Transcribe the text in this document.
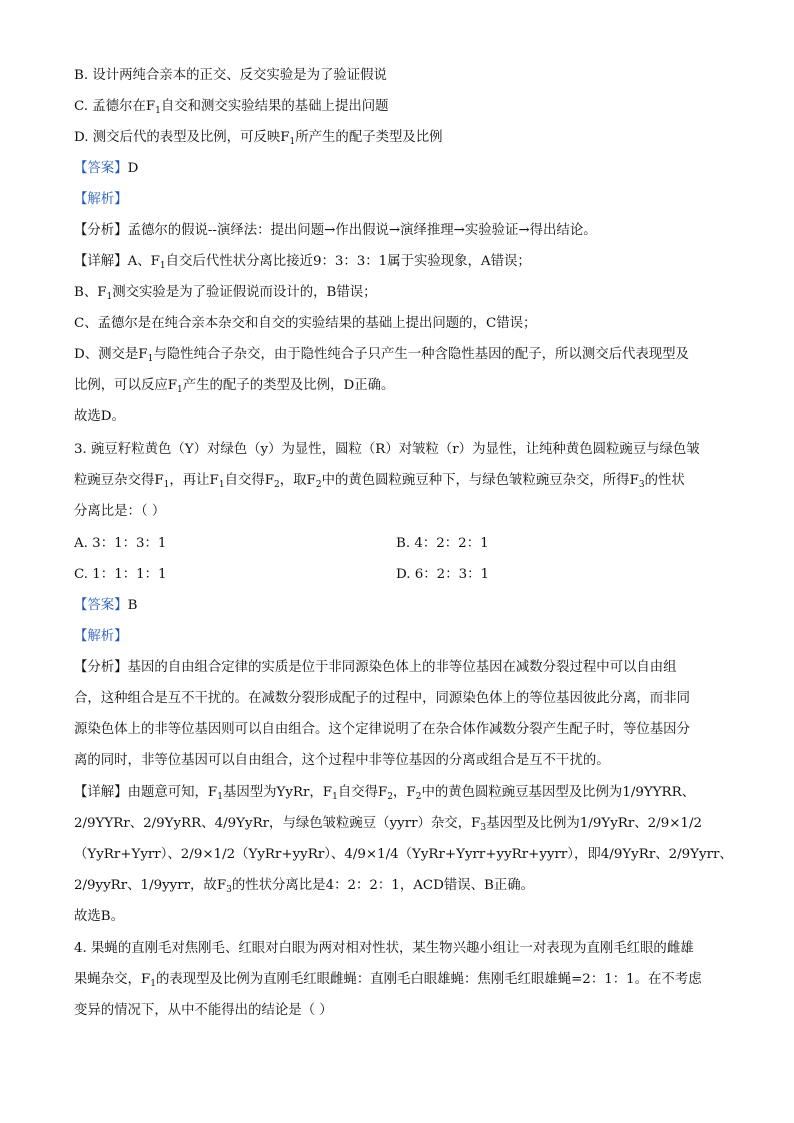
B. 设计两纯合亲本的正交、反交实验是为了验证假说
C. 孟德尔在$F_1$自交和测交实验结果的基础上提出问题
D. 测交后代的表型及比例，可反映$F_1$所产生的配子类型及比例
【答案】D
【解析】
【分析】孟德尔的假说--演绎法：提出问题→作出假说→演绎推理→实验验证→得出结论。
【详解】A、$F_1$自交后代性状分离比接近9：3：3：1属于实验现象，A错误；
B、$F_1$测交实验是为了验证假说而设计的，B错误；
C、孟德尔是在纯合亲本杂交和自交的实验结果的基础上提出问题的，C错误；
D、测交是$F_1$与隐性纯合子杂交，由于隐性纯合子只产生一种含隐性基因的配子，所以测交后代表现型及
比例，可以反应$F_1$产生的配子的类型及比例，D正确。
故选D。
3. 豌豆籽粒黄色（Y）对绿色（y）为显性，圆粒（R）对皱粒（r）为显性，让纯种黄色圆粒豌豆与绿色皱
粒豌豆杂交得$F_1$，再让$F_1$自交得$F_2$，取$F_2$中的黄色圆粒豌豆种下，与绿色皱粒豌豆杂交，所得$F_3$的性状
分离比是：（ ）
A. 3：1：3：1	B. 4：2：2：1
C. 1：1：1：1	D. 6：2：3：1
【答案】B
【解析】
【分析】基因的自由组合定律的实质是位于非同源染色体上的非等位基因在减数分裂过程中可以自由组
合，这种组合是互不干扰的。在减数分裂形成配子的过程中，同源染色体上的等位基因彼此分离，而非同
源染色体上的非等位基因则可以自由组合。这个定律说明了在杂合体作减数分裂产生配子时，等位基因分
离的同时，非等位基因可以自由组合，这个过程中非等位基因的分离或组合是互不干扰的。
【详解】由题意可知，$F_1$基因型为YyRr，$F_1$自交得$F_2$，$F_2$中的黄色圆粒豌豆基因型及比例为1/9YYRR、
2/9YYRr、2/9YyRR、4/9YyRr，与绿色皱粒豌豆（yyrr）杂交，$F_3$基因型及比例为1/9YyRr、2/9×1/2
（YyRr+Yyrr）、2/9×1/2（YyRr+yyRr）、4/9×1/4（YyRr+Yyrr+yyRr+yyrr），即4/9YyRr、2/9Yyrr、
2/9yyRr、1/9yyrr，故$F_3$的性状分离比是4：2：2：1，ACD错误、B正确。
故选B。
4. 果蝇的直刚毛对焦刚毛、红眼对白眼为两对相对性状，某生物兴趣小组让一对表现为直刚毛红眼的雌雄
果蝇杂交，$F_1$的表现型及比例为直刚毛红眼雌蝇：直刚毛白眼雄蝇：焦刚毛红眼雄蝇=2：1：1。在不考虑
变异的情况下，从中不能得出的结论是（ ）
